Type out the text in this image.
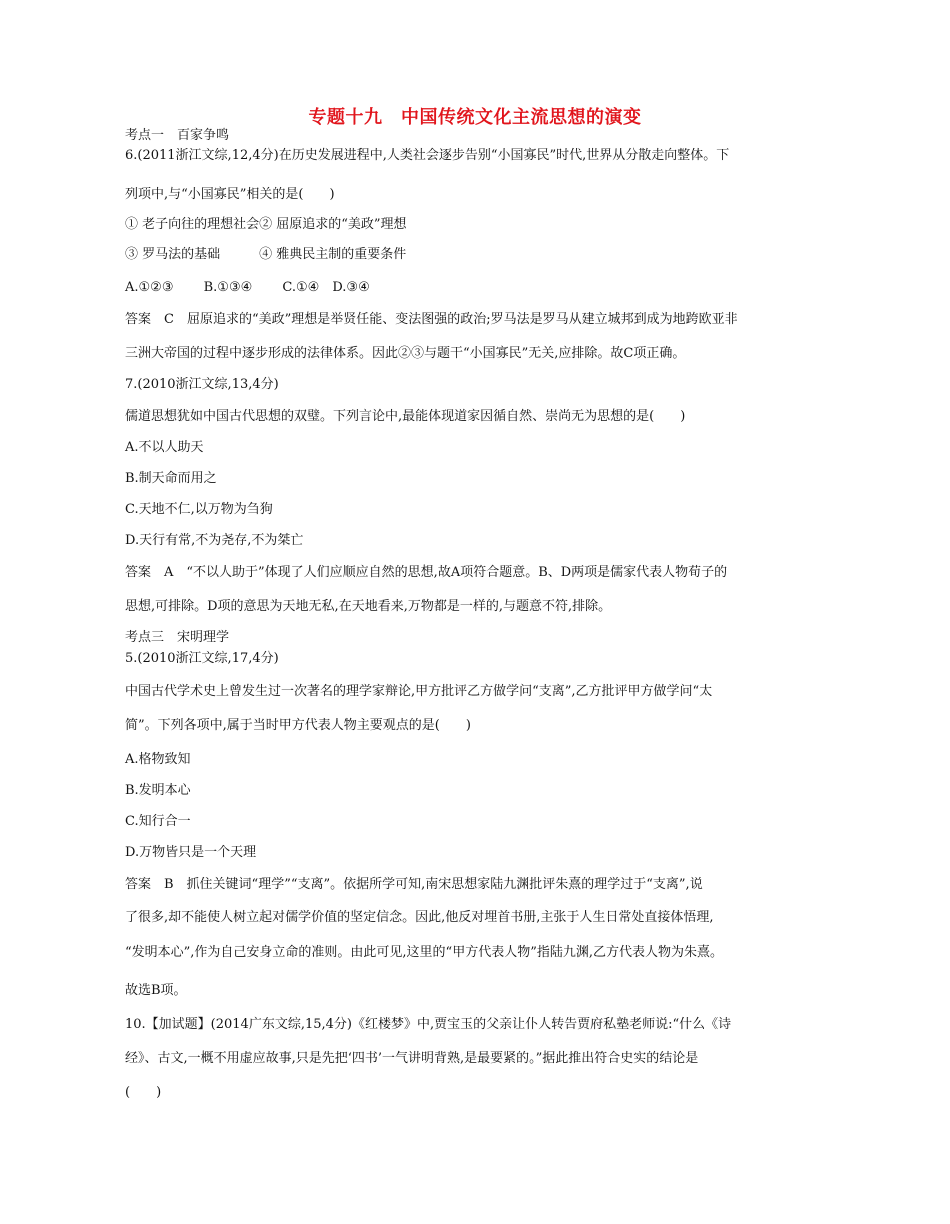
专题十九　中国传统文化主流思想的演变
考点一　百家争鸣
6.(2011浙江文综,12,4分)在历史发展进程中,人类社会逐步告别“小国寡民”时代,世界从分散走向整体。下
列项中,与“小国寡民”相关的是(　　)
① 老子向往的理想社会② 屈原追求的“美政”理想
③ 罗马法的基础　　　④ 雅典民主制的重要条件
A.①②③　　 B.①③④　　 C.①④　D.③④
答案　C　屈原追求的“美政”理想是举贤任能、变法图强的政治;罗马法是罗马从建立城邦到成为地跨欧亚非
三洲大帝国的过程中逐步形成的法律体系。因此②③与题干“小国寡民”无关,应排除。故C项正确。
7.(2010浙江文综,13,4分)
儒道思想犹如中国古代思想的双璧。下列言论中,最能体现道家因循自然、崇尚无为思想的是(　　)
A.不以人助天
B.制天命而用之
C.天地不仁,以万物为刍狗
D.天行有常,不为尧存,不为桀亡
答案　A　“不以人助于”体现了人们应顺应自然的思想,故A项符合题意。B、D两项是儒家代表人物荀子的
思想,可排除。D项的意思为天地无私,在天地看来,万物都是一样的,与题意不符,排除。
考点三　宋明理学
5.(2010浙江文综,17,4分)
中国古代学术史上曾发生过一次著名的理学家辩论,甲方批评乙方做学问“支离”,乙方批评甲方做学问“太
简”。下列各项中,属于当时甲方代表人物主要观点的是(　　)
A.格物致知
B.发明本心
C.知行合一
D.万物皆只是一个天理
答案　B　抓住关键词“理学”“支离”。依据所学可知,南宋思想家陆九渊批评朱熹的理学过于“支离”,说
了很多,却不能使人树立起对儒学价值的坚定信念。因此,他反对埋首书册,主张于人生日常处直接体悟理,
“发明本心”,作为自己安身立命的准则。由此可见,这里的“甲方代表人物”指陆九渊,乙方代表人物为朱熹。
故选B项。
10.【加试题】(2014广东文综,15,4分)《红楼梦》中,贾宝玉的父亲让仆人转告贾府私塾老师说:“什么《诗
经》、古文,一概不用虚应故事,只是先把‘四书’一气讲明背熟,是最要紧的。”据此推出符合史实的结论是
(　　)
